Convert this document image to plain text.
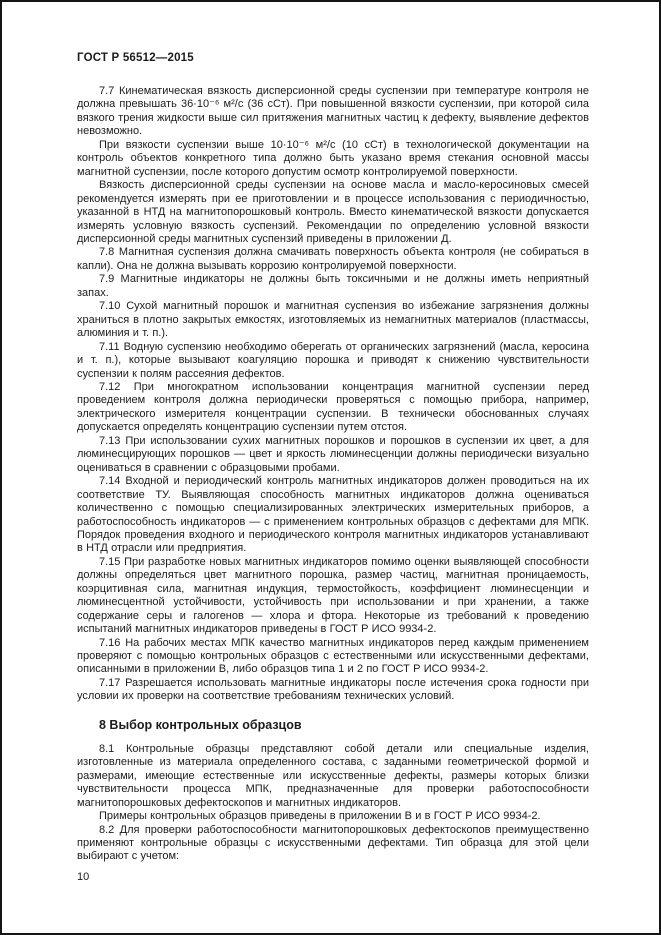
ГОСТ Р 56512—2015

7.7 Кинематическая вязкость дисперсионной среды суспензии при температуре контроля не должна превышать 36·10⁻⁶ м²/с (36 сСт). При повышенной вязкости суспензии, при которой сила вязкого трения жидкости выше сил притяжения магнитных частиц к дефекту, выявление дефектов невозможно.

При вязкости суспензии выше 10·10⁻⁶ м²/с (10 сСт) в технологической документации на контроль объектов конкретного типа должно быть указано время стекания основной массы магнитной суспензии, после которого допустим осмотр контролируемой поверхности.

Вязкость дисперсионной среды суспензии на основе масла и масло-керосиновых смесей рекомендуется измерять при ее приготовлении и в процессе использования с периодичностью, указанной в НТД на магнитопорошковый контроль. Вместо кинематической вязкости допускается измерять условную вязкость суспензий. Рекомендации по определению условной вязкости дисперсионной среды магнитных суспензий приведены в приложении Д.

7.8 Магнитная суспензия должна смачивать поверхность объекта контроля (не собираться в капли). Она не должна вызывать коррозию контролируемой поверхности.

7.9 Магнитные индикаторы не должны быть токсичными и не должны иметь неприятный запах.

7.10 Сухой магнитный порошок и магнитная суспензия во избежание загрязнения должны храниться в плотно закрытых емкостях, изготовляемых из немагнитных материалов (пластмассы, алюминия и т. п.).

7.11 Водную суспензию необходимо оберегать от органических загрязнений (масла, керосина и т. п.), которые вызывают коагуляцию порошка и приводят к снижению чувствительности суспензии к полям рассеяния дефектов.

7.12 При многократном использовании концентрация магнитной суспензии перед проведением контроля должна периодически проверяться с помощью прибора, например, электрического измерителя концентрации суспензии. В технически обоснованных случаях допускается определять концентрацию суспензии путем отстоя.

7.13 При использовании сухих магнитных порошков и порошков в суспензии их цвет, а для люминесцирующих порошков — цвет и яркость люминесценции должны периодически визуально оцениваться в сравнении с образцовыми пробами.

7.14 Входной и периодический контроль магнитных индикаторов должен проводиться на их соответствие ТУ. Выявляющая способность магнитных индикаторов должна оцениваться количественно с помощью специализированных электрических измерительных приборов, а работоспособность индикаторов — с применением контрольных образцов с дефектами для МПК. Порядок проведения входного и периодического контроля магнитных индикаторов устанавливают в НТД отрасли или предприятия.

7.15 При разработке новых магнитных индикаторов помимо оценки выявляющей способности должны определяться цвет магнитного порошка, размер частиц, магнитная проницаемость, коэрцитивная сила, магнитная индукция, термостойкость, коэффициент люминесценции и люминесцентной устойчивости, устойчивость при использовании и при хранении, а также содержание серы и галогенов — хлора и фтора. Некоторые из требований к проведению испытаний магнитных индикаторов приведены в ГОСТ Р ИСО 9934-2.

7.16 На рабочих местах МПК качество магнитных индикаторов перед каждым применением проверяют с помощью контрольных образцов с естественными или искусственными дефектами, описанными в приложении В, либо образцов типа 1 и 2 по ГОСТ Р ИСО 9934-2.

7.17 Разрешается использовать магнитные индикаторы после истечения срока годности при условии их проверки на соответствие требованиям технических условий.

8 Выбор контрольных образцов

8.1 Контрольные образцы представляют собой детали или специальные изделия, изготовленные из материала определенного состава, с заданными геометрической формой и размерами, имеющие естественные или искусственные дефекты, размеры которых близки чувствительности процесса МПК, предназначенные для проверки работоспособности магнитопорошковых дефектоскопов и магнитных индикаторов.

Примеры контрольных образцов приведены в приложении В и в ГОСТ Р ИСО 9934-2.

8.2 Для проверки работоспособности магнитопорошковых дефектоскопов преимущественно применяют контрольные образцы с искусственными дефектами. Тип образца для этой цели выбирают с учетом:

10
